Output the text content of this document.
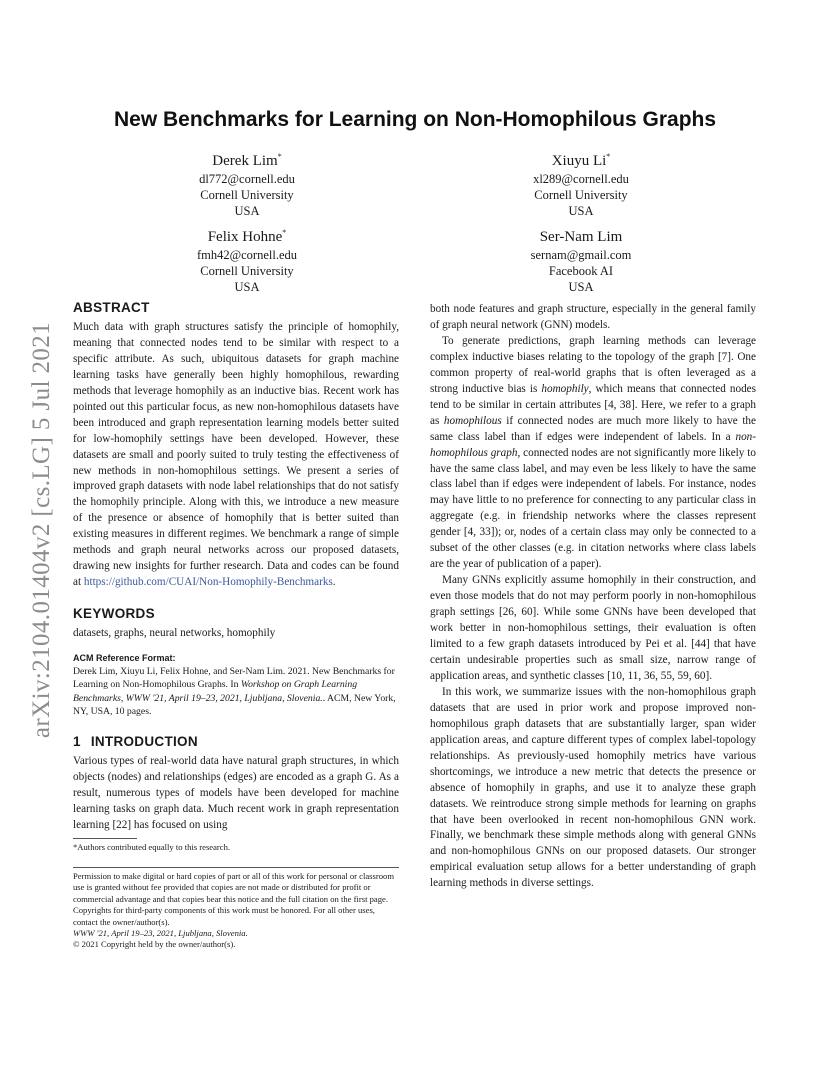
arXiv:2104.01404v2 [cs.LG] 5 Jul 2021
New Benchmarks for Learning on Non-Homophilous Graphs
Derek Lim*
dl772@cornell.edu
Cornell University
USA
Xiuyu Li*
xl289@cornell.edu
Cornell University
USA
Felix Hohne*
fmh42@cornell.edu
Cornell University
USA
Ser-Nam Lim
sernam@gmail.com
Facebook AI
USA
ABSTRACT

Much data with graph structures satisfy the principle of homophily, meaning that connected nodes tend to be similar with respect to a specific attribute. As such, ubiquitous datasets for graph machine learning tasks have generally been highly homophilous, rewarding methods that leverage homophily as an inductive bias. Recent work has pointed out this particular focus, as new non-homophilous datasets have been introduced and graph representation learning models better suited for low-homophily settings have been developed. However, these datasets are small and poorly suited to truly testing the effectiveness of new methods in non-homophilous settings. We present a series of improved graph datasets with node label relationships that do not satisfy the homophily principle. Along with this, we introduce a new measure of the presence or absence of homophily that is better suited than existing measures in different regimes. We benchmark a range of simple methods and graph neural networks across our proposed datasets, drawing new insights for further research. Data and codes can be found at https://github.com/CUAI/Non-Homophily-Benchmarks.

KEYWORDS

datasets, graphs, neural networks, homophily

ACM Reference Format:

Derek Lim, Xiuyu Li, Felix Hohne, and Ser-Nam Lim. 2021. New Benchmarks for Learning on Non-Homophilous Graphs. In Workshop on Graph Learning Benchmarks, WWW '21, April 19–23, 2021, Ljubljana, Slovenia.. ACM, New York, NY, USA, 10 pages.

1 INTRODUCTION

Various types of real-world data have natural graph structures, in which objects (nodes) and relationships (edges) are encoded as a graph G. As a result, numerous types of models have been developed for machine learning tasks on graph data. Much recent work in graph representation learning [22] has focused on using

*Authors contributed equally to this research.
Permission to make digital or hard copies of part or all of this work for personal or classroom use is granted without fee provided that copies are not made or distributed for profit or commercial advantage and that copies bear this notice and the full citation on the first page. Copyrights for third-party components of this work must be honored. For all other uses, contact the owner/author(s).
WWW '21, April 19–23, 2021, Ljubljana, Slovenia.
© 2021 Copyright held by the owner/author(s).

both node features and graph structure, especially in the general family of graph neural network (GNN) models.

To generate predictions, graph learning methods can leverage complex inductive biases relating to the topology of the graph [7]. One common property of real-world graphs that is often leveraged as a strong inductive bias is homophily, which means that connected nodes tend to be similar in certain attributes [4, 38]. Here, we refer to a graph as homophilous if connected nodes are much more likely to have the same class label than if edges were independent of labels. In a non-homophilous graph, connected nodes are not significantly more likely to have the same class label, and may even be less likely to have the same class label than if edges were independent of labels. For instance, nodes may have little to no preference for connecting to any particular class in aggregate (e.g. in friendship networks where the classes represent gender [4, 33]); or, nodes of a certain class may only be connected to a subset of the other classes (e.g. in citation networks where class labels are the year of publication of a paper).

Many GNNs explicitly assume homophily in their construction, and even those models that do not may perform poorly in non-homophilous graph settings [26, 60]. While some GNNs have been developed that work better in non-homophilous settings, their evaluation is often limited to a few graph datasets introduced by Pei et al. [44] that have certain undesirable properties such as small size, narrow range of application areas, and synthetic classes [10, 11, 36, 55, 59, 60].

In this work, we summarize issues with the non-homophilous graph datasets that are used in prior work and propose improved non-homophilous graph datasets that are substantially larger, span wider application areas, and capture different types of complex label-topology relationships. As previously-used homophily metrics have various shortcomings, we introduce a new metric that detects the presence or absence of homophily in graphs, and use it to analyze these graph datasets. We reintroduce strong simple methods for learning on graphs that have been overlooked in recent non-homophilous GNN work. Finally, we benchmark these simple methods along with general GNNs and non-homophilous GNNs on our proposed datasets. Our stronger empirical evaluation setup allows for a better understanding of graph learning methods in diverse settings.
